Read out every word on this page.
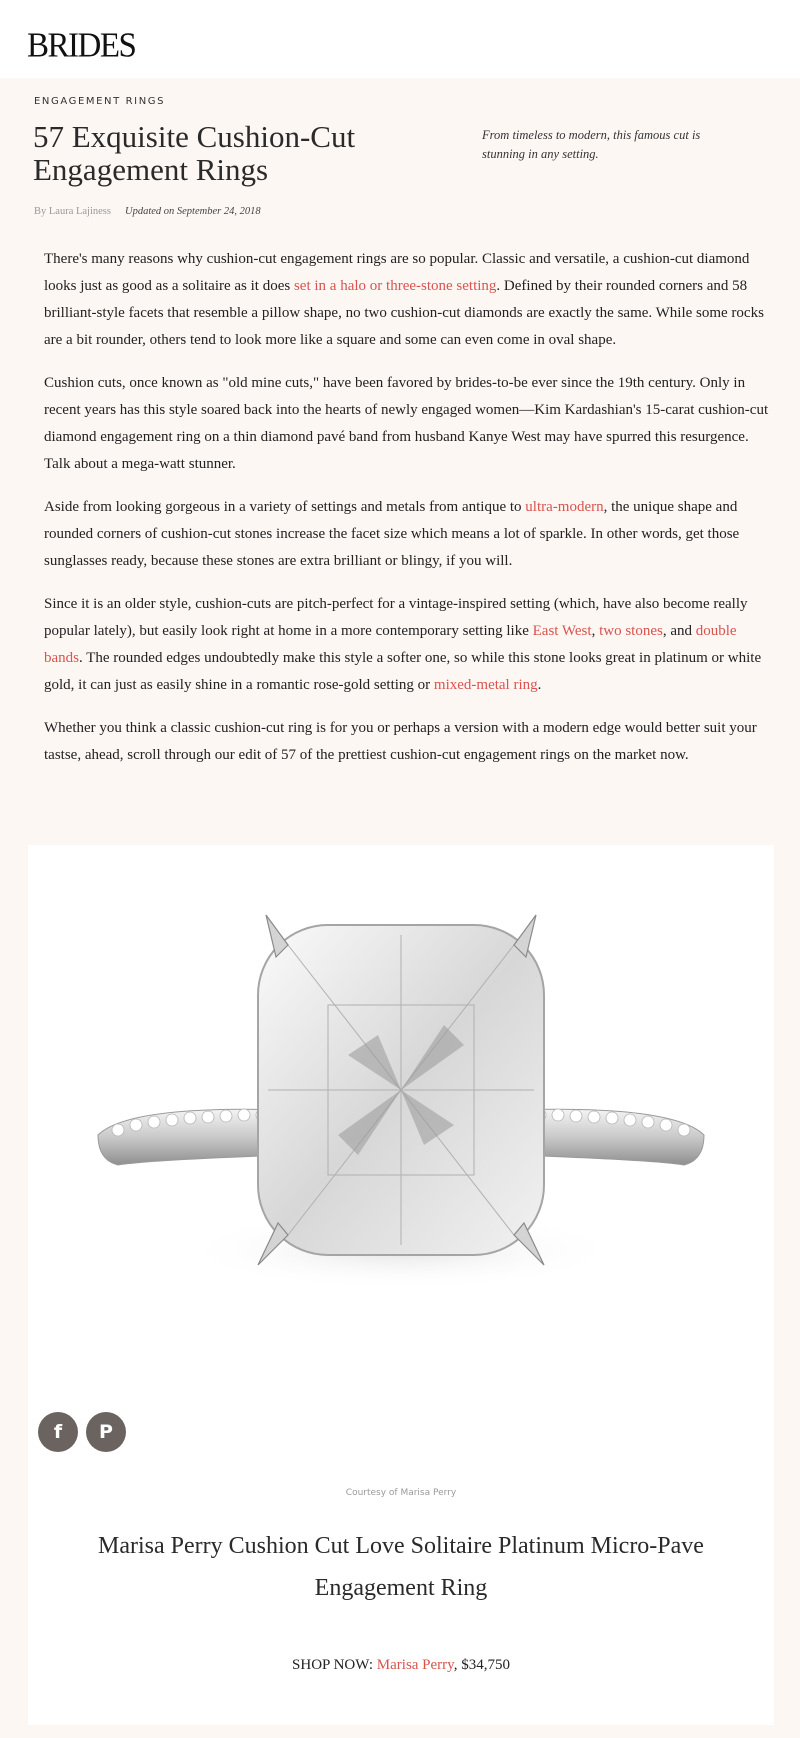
BRIDES
ENGAGEMENT RINGS
57 Exquisite Cushion-Cut Engagement Rings
From timeless to modern, this famous cut is stunning in any setting.
By Laura Lajiness Updated on September 24, 2018

There's many reasons why cushion-cut engagement rings are so popular. Classic and versatile, a cushion-cut diamond looks just as good as a solitaire as it does set in a halo or three-stone setting. Defined by their rounded corners and 58 brilliant-style facets that resemble a pillow shape, no two cushion-cut diamonds are exactly the same. While some rocks are a bit rounder, others tend to look more like a square and some can even come in oval shape.

Cushion cuts, once known as "old mine cuts," have been favored by brides-to-be ever since the 19th century. Only in recent years has this style soared back into the hearts of newly engaged women—Kim Kardashian's 15-carat cushion-cut diamond engagement ring on a thin diamond pavé band from husband Kanye West may have spurred this resurgence. Talk about a mega-watt stunner.

Aside from looking gorgeous in a variety of settings and metals from antique to ultra-modern, the unique shape and rounded corners of cushion-cut stones increase the facet size which means a lot of sparkle. In other words, get those sunglasses ready, because these stones are extra brilliant or blingy, if you will.

Since it is an older style, cushion-cuts are pitch-perfect for a vintage-inspired setting (which, have also become really popular lately), but easily look right at home in a more contemporary setting like East West, two stones, and double bands. The rounded edges undoubtedly make this style a softer one, so while this stone looks great in platinum or white gold, it can just as easily shine in a romantic rose-gold setting or mixed-metal ring.

Whether you think a classic cushion-cut ring is for you or perhaps a version with a modern edge would better suit your tastse, ahead, scroll through our edit of 57 of the prettiest cushion-cut engagement rings on the market now.

f P
Courtesy of Marisa Perry
Marisa Perry Cushion Cut Love Solitaire Platinum Micro-Pave Engagement Ring
SHOP NOW: Marisa Perry, $34,750
